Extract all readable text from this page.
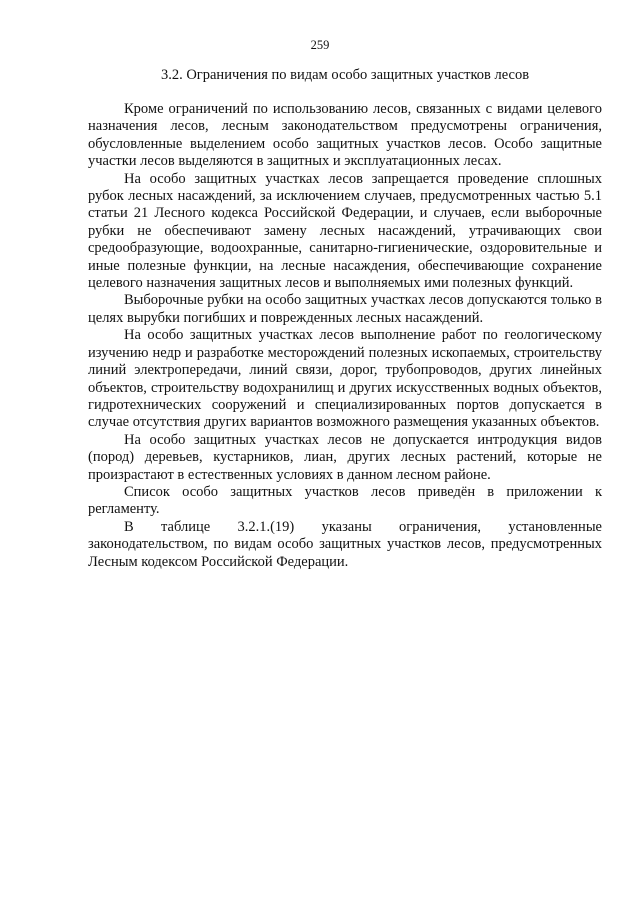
259
3.2. Ограничения по видам особо защитных участков лесов

Кроме ограничений по использованию лесов, связанных с видами целевого назначения лесов, лесным законодательством предусмотрены ограничения, обусловленные выделением особо защитных участков лесов. Особо защитные участки лесов выделяются в защитных и эксплуатационных лесах.

На особо защитных участках лесов запрещается проведение сплошных рубок лесных насаждений, за исключением случаев, предусмотренных частью 5.1 статьи 21 Лесного кодекса Российской Федерации, и случаев, если выборочные рубки не обеспечивают замену лесных насаждений, утрачивающих свои средообразующие, водоохранные, санитарно-гигиенические, оздоровительные и иные полезные функции, на лесные насаждения, обеспечивающие сохранение целевого назначения защитных лесов и выполняемых ими полезных функций.

Выборочные рубки на особо защитных участках лесов допускаются только в целях вырубки погибших и поврежденных лесных насаждений.

На особо защитных участках лесов выполнение работ по геологическому изучению недр и разработке месторождений полезных ископаемых, строительству линий электропередачи, линий связи, дорог, трубопроводов, других линейных объектов, строительству водохранилищ и других искусственных водных объектов, гидротехнических сооружений и специализированных портов допускается в случае отсутствия других вариантов возможного размещения указанных объектов.

На особо защитных участках лесов не допускается интродукция видов (пород) деревьев, кустарников, лиан, других лесных растений, которые не произрастают в естественных условиях в данном лесном районе.

Список особо защитных участков лесов приведён в приложении к регламенту.

В таблице 3.2.1.(19) указаны ограничения, установленные законодательством, по видам особо защитных участков лесов, предусмотренных Лесным кодексом Российской Федерации.
